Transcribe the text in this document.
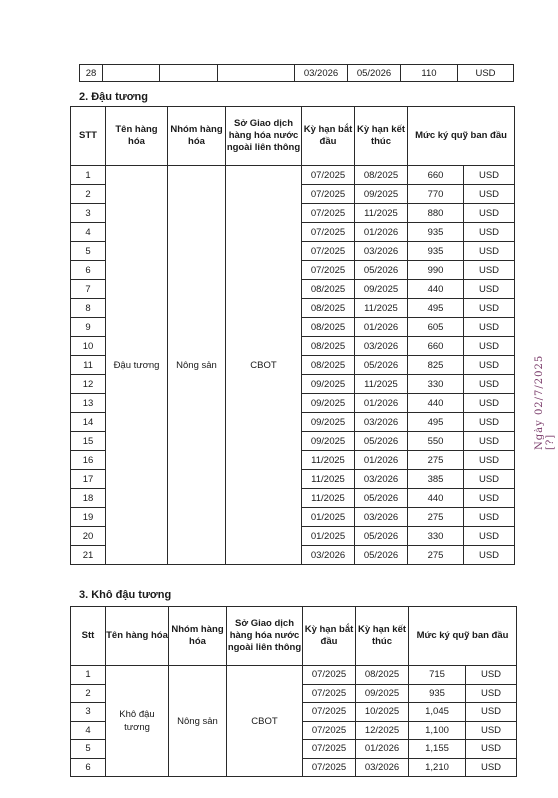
28				03/2026	05/2026	110	USD
2. Đậu tương
STT	Tên hàng hóa	Nhóm hàng hóa	Sở Giao dịch hàng hóa nước ngoài liên thông	Kỳ hạn bắt đầu	Kỳ hạn kết thúc	Mức ký quỹ ban đầu	
1	Đậu tương	Nông sản	CBOT	07/2025	08/2025	660	USD
2				07/2025	09/2025	770	USD
3				07/2025	11/2025	880	USD
4				07/2025	01/2026	935	USD
5				07/2025	03/2026	935	USD
6				07/2025	05/2026	990	USD
7				08/2025	09/2025	440	USD
8				08/2025	11/2025	495	USD
9				08/2025	01/2026	605	USD
10				08/2025	03/2026	660	USD
11				08/2025	05/2026	825	USD
12				09/2025	11/2025	330	USD
13				09/2025	01/2026	440	USD
14				09/2025	03/2026	495	USD
15				09/2025	05/2026	550	USD
16				11/2025	01/2026	275	USD
17				11/2025	03/2026	385	USD
18				11/2025	05/2026	440	USD
19				01/2025	03/2026	275	USD
20				01/2025	05/2026	330	USD
21				03/2026	05/2026	275	USD
3. Khô đậu tương
Stt	Tên hàng hóa	Nhóm hàng hóa	Sở Giao dịch hàng hóa nước ngoài liên thông	Kỳ hạn bắt đầu	Kỳ hạn kết thúc	Mức ký quỹ ban đầu	
1	Khô đậu tương	Nông sản	CBOT	07/2025	08/2025	715	USD
2				07/2025	09/2025	935	USD
3				07/2025	10/2025	1,045	USD
4				07/2025	12/2025	1,100	USD
5				07/2025	01/2026	1,155	USD
6				07/2025	03/2026	1,210	USD
Ngày 02/7/2025 [?]
